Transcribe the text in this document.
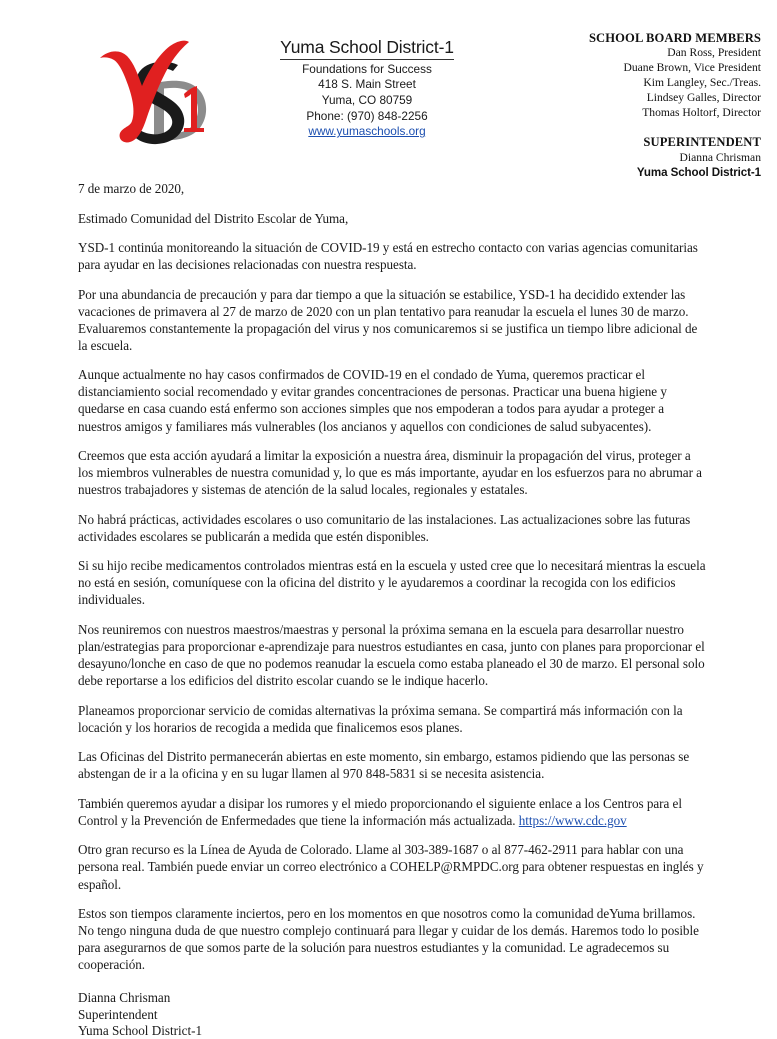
Yuma School District-1
Foundations for Success
418 S. Main Street
Yuma, CO 80759
Phone: (970) 848-2256
www.yumaschools.org
SCHOOL BOARD MEMBERS
Dan Ross, President
Duane Brown, Vice President
Kim Langley, Sec./Treas.
Lindsey Galles, Director
Thomas Holtorf, Director
SUPERINTENDENT
Dianna Chrisman
Yuma School District-1

7 de marzo de 2020,

Estimado Comunidad del Distrito Escolar de Yuma,

YSD-1 continúa monitoreando la situación de COVID-19 y está en estrecho contacto con varias agencias comunitarias para ayudar en las decisiones relacionadas con nuestra respuesta.

Por una abundancia de precaución y para dar tiempo a que la situación se estabilice, YSD-1 ha decidido extender las vacaciones de primavera al 27 de marzo de 2020 con un plan tentativo para reanudar la escuela el lunes 30 de marzo. Evaluaremos constantemente la propagación del virus y nos comunicaremos si se justifica un tiempo libre adicional de la escuela.

Aunque actualmente no hay casos confirmados de COVID-19 en el condado de Yuma, queremos practicar el distanciamiento social recomendado y evitar grandes concentraciones de personas. Practicar una buena higiene y quedarse en casa cuando está enfermo son acciones simples que nos empoderan a todos para ayudar a proteger a nuestros amigos y familiares más vulnerables (los ancianos y aquellos con condiciones de salud subyacentes).

Creemos que esta acción ayudará a limitar la exposición a nuestra área, disminuir la propagación del virus, proteger a los miembros vulnerables de nuestra comunidad y, lo que es más importante, ayudar en los esfuerzos para no abrumar a nuestros trabajadores y sistemas de atención de la salud locales, regionales y estatales.

No habrá prácticas, actividades escolares o uso comunitario de las instalaciones. Las actualizaciones sobre las futuras actividades escolares se publicarán a medida que estén disponibles.

Si su hijo recibe medicamentos controlados mientras está en la escuela y usted cree que lo necesitará mientras la escuela no está en sesión, comuníquese con la oficina del distrito y le ayudaremos a coordinar la recogida con los edificios individuales.

Nos reuniremos con nuestros maestros/maestras y personal la próxima semana en la escuela para desarrollar nuestro plan/estrategias para proporcionar e-aprendizaje para nuestros estudiantes en casa, junto con planes para proporcionar el desayuno/lonche en caso de que no podemos reanudar la escuela como estaba planeado el 30 de marzo. El personal solo debe reportarse a los edificios del distrito escolar cuando se le indique hacerlo.

Planeamos proporcionar servicio de comidas alternativas la próxima semana. Se compartirá más información con la locación y los horarios de recogida a medida que finalicemos esos planes.

Las Oficinas del Distrito permanecerán abiertas en este momento, sin embargo, estamos pidiendo que las personas se abstengan de ir a la oficina y en su lugar llamen al 970 848-5831 si se necesita asistencia.

También queremos ayudar a disipar los rumores y el miedo proporcionando el siguiente enlace a los Centros para el Control y la Prevención de Enfermedades que tiene la información más actualizada. https://www.cdc.gov

Otro gran recurso es la Línea de Ayuda de Colorado. Llame al 303-389-1687 o al 877-462-2911 para hablar con una persona real. También puede enviar un correo electrónico a COHELP@RMPDC.org para obtener respuestas en inglés y español.

Estos son tiempos claramente inciertos, pero en los momentos en que nosotros como la comunidad deYuma brillamos. No tengo ninguna duda de que nuestro complejo continuará para llegar y cuidar de los demás. Haremos todo lo posible para asegurarnos de que somos parte de la solución para nuestros estudiantes y la comunidad. Le agradecemos su cooperación.

Dianna Chrisman
Superintendent
Yuma School District-1
